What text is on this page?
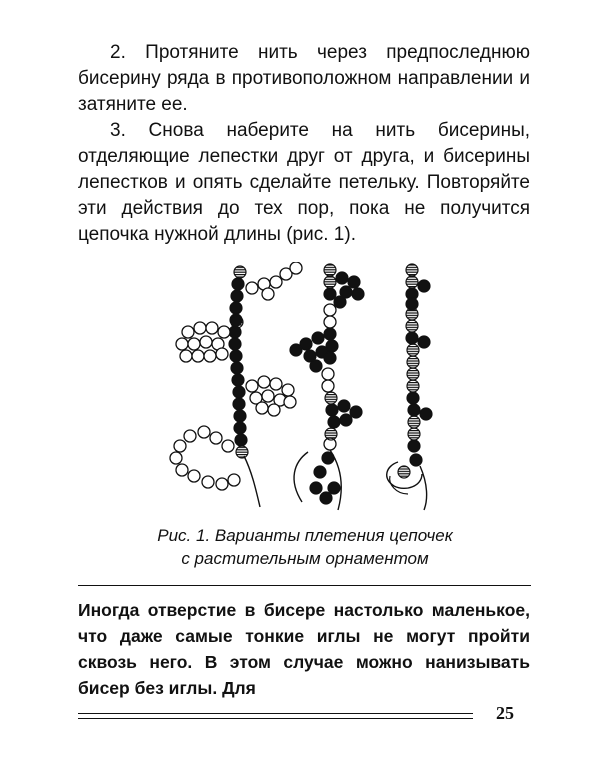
2. Протяните нить через предпоследнюю бисерину ряда в противоположном направлении и затяните ее.

3. Снова наберите на нить бисерины, отделяющие лепестки друг от друга, и бисерины лепестков и опять сделайте петельку. Повторяйте эти действия до тех пор, пока не получится цепочка нужной длины (рис. 1).

Рис. 1. Варианты плетения цепочек

с растительным орнаментом

Иногда отверстие в бисере настолько маленькое, что даже самые тонкие иглы не могут пройти сквозь него. В этом случае можно нанизывать бисер без иглы. Для

25
